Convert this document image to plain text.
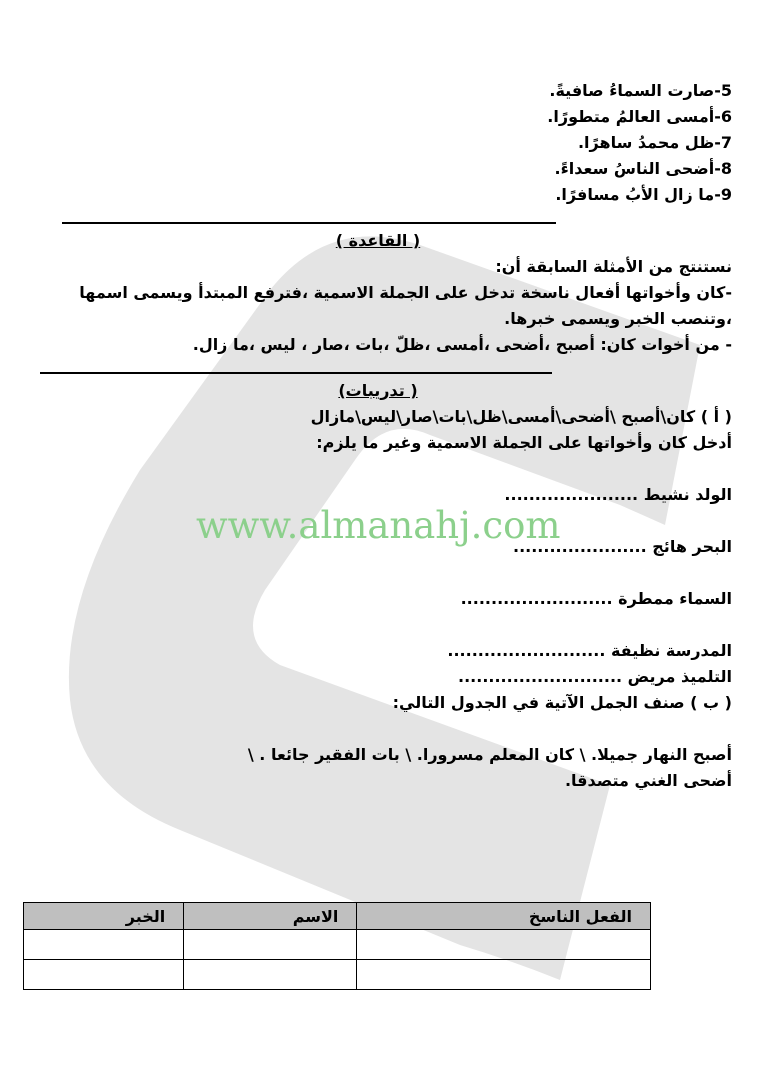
www.almanahj.com

5-صارت السماءُ صافيةً.

6-أمسى العالمُ متطورًا.

7-ظل محمدُ ساهرًا.

8-أضحى الناسُ سعداءً.

9-ما زال الأبُ مسافرًا.

( القاعدة )

نستنتج من الأمثلة السابقة أن:

-كان وأخواتها أفعال ناسخة تدخل على الجملة الاسمية ،فترفع المبتدأ ويسمى اسمها ،وتنصب الخبر ويسمى خبرها.

- من أخوات كان: أصبح ،أضحى ،أمسى ،ظلّ ،بات ،صار ، ليس ،ما زال.

( تدريبات)

( أ ) كان\أصبح \أضحى\أمسى\ظل\بات\صار\ليس\مازال

أدخل كان وأخواتها على الجملة الاسمية وغير ما يلزم:

الولد نشيط ......................

البحر هائج ......................

السماء ممطرة .........................

المدرسة نظيفة ..........................

التلميذ مريض ...........................

( ب ) صنف الجمل الآتية في الجدول التالي:

أصبح النهار جميلا. \ كان المعلم مسرورا. \ بات الفقير جائعا . \

أضحى الغني متصدقا.

الفعل الناسخ	الاسم	الخبر
